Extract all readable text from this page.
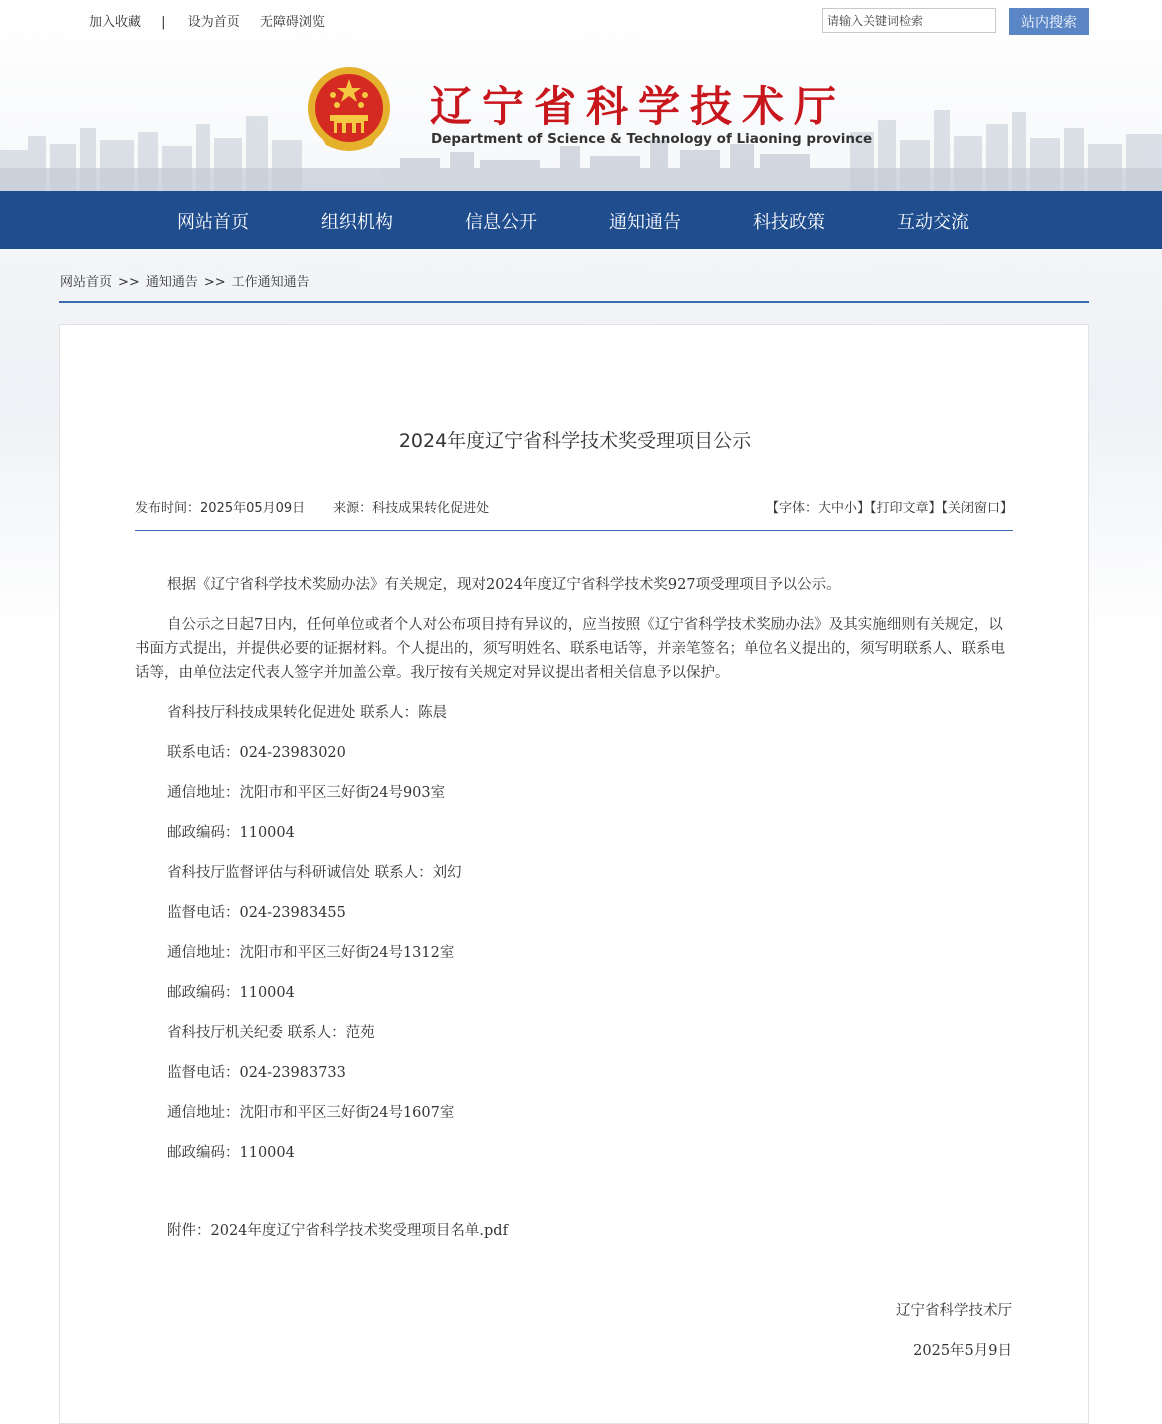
加入收藏 | 设为首页 无障碍浏览
请输入关键词检索	站内搜索
辽宁省科学技术厅
Department of Science & Technology of Liaoning province
网站首页	组织机构	信息公开	通知通告	科技政策	互动交流
网站首页 >> 通知通告 >> 工作通知通告
2024年度辽宁省科学技术奖受理项目公示
发布时间：2025年05月09日 来源：科技成果转化促进处	【字体：大中小】【打印文章】【关闭窗口】

根据《辽宁省科学技术奖励办法》有关规定，现对2024年度辽宁省科学技术奖927项受理项目予以公示。

自公示之日起7日内，任何单位或者个人对公布项目持有异议的，应当按照《辽宁省科学技术奖励办法》及其实施细则有关规定，以书面方式提出，并提供必要的证据材料。个人提出的，须写明姓名、联系电话等，并亲笔签名；单位名义提出的，须写明联系人、联系电话等，由单位法定代表人签字并加盖公章。我厅按有关规定对异议提出者相关信息予以保护。

省科技厅科技成果转化促进处 联系人：陈晨

联系电话：024-23983020

通信地址：沈阳市和平区三好街24号903室

邮政编码：110004

省科技厅监督评估与科研诚信处 联系人：刘幻

监督电话：024-23983455

通信地址：沈阳市和平区三好街24号1312室

邮政编码：110004

省科技厅机关纪委 联系人：范苑

监督电话：024-23983733

通信地址：沈阳市和平区三好街24号1607室

邮政编码：110004

附件：2024年度辽宁省科学技术奖受理项目名单.pdf
辽宁省科学技术厅
2025年5月9日
